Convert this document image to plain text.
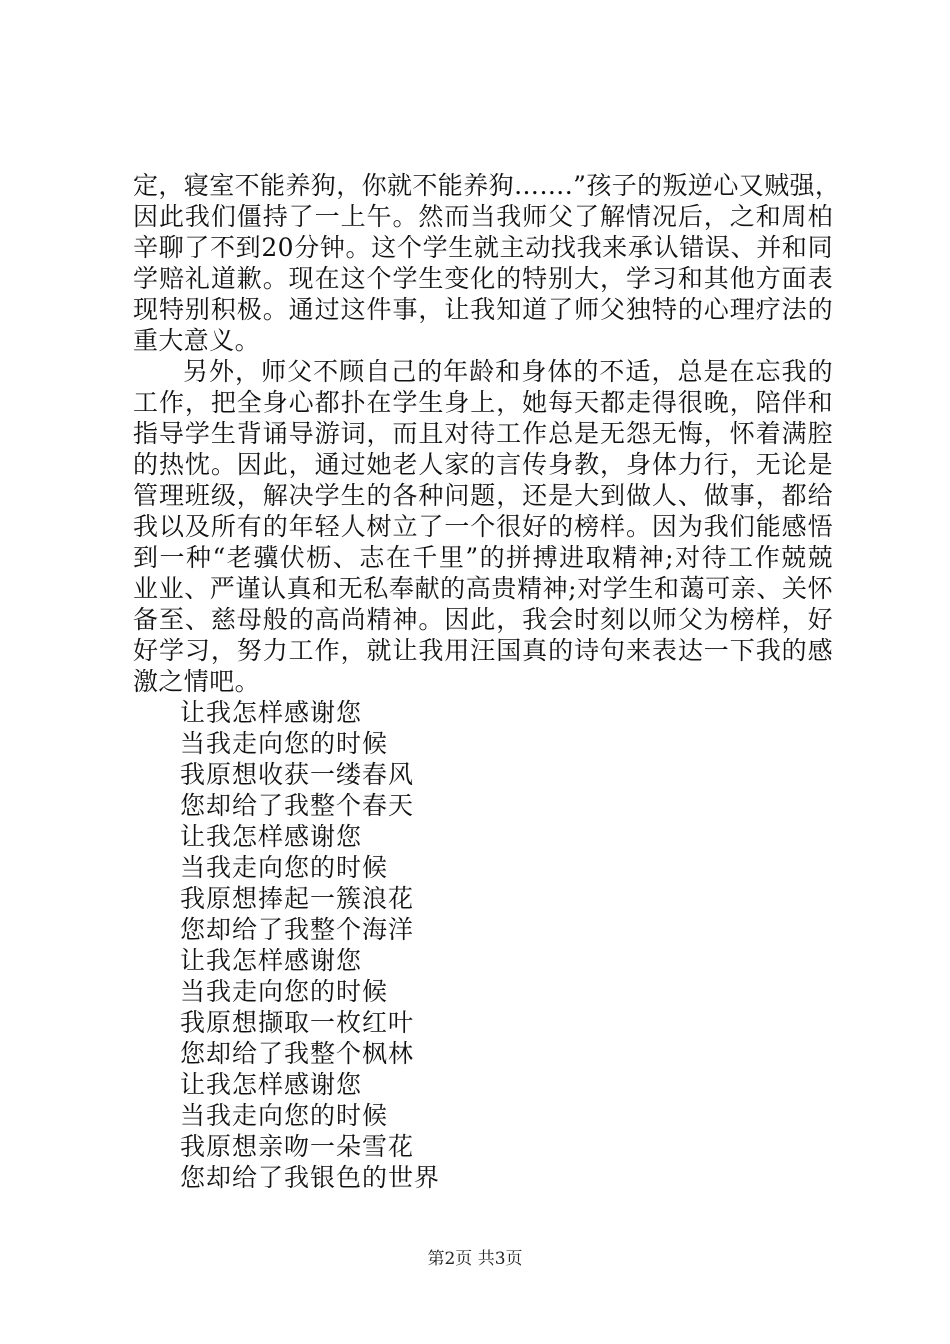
定，寝室不能养狗，你就不能养狗…….”孩子的叛逆心又贼强，
因此我们僵持了一上午。然而当我师父了解情况后，之和周柏
辛聊了不到20分钟。这个学生就主动找我来承认错误、并和同
学赔礼道歉。现在这个学生变化的特别大，学习和其他方面表
现特别积极。通过这件事，让我知道了师父独特的心理疗法的
重大意义。
另外，师父不顾自己的年龄和身体的不适，总是在忘我的
工作，把全身心都扑在学生身上，她每天都走得很晚，陪伴和
指导学生背诵导游词，而且对待工作总是无怨无悔，怀着满腔
的热忱。因此，通过她老人家的言传身教，身体力行，无论是
管理班级，解决学生的各种问题，还是大到做人、做事，都给
我以及所有的年轻人树立了一个很好的榜样。因为我们能感悟
到一种“老骥伏枥、志在千里”的拼搏进取精神;对待工作兢兢
业业、严谨认真和无私奉献的高贵精神;对学生和蔼可亲、关怀
备至、慈母般的高尚精神。因此，我会时刻以师父为榜样，好
好学习，努力工作，就让我用汪国真的诗句来表达一下我的感
激之情吧。
让我怎样感谢您
当我走向您的时候
我原想收获一缕春风
您却给了我整个春天
让我怎样感谢您
当我走向您的时候
我原想捧起一簇浪花
您却给了我整个海洋
让我怎样感谢您
当我走向您的时候
我原想撷取一枚红叶
您却给了我整个枫林
让我怎样感谢您
当我走向您的时候
我原想亲吻一朵雪花
您却给了我银色的世界
第2页 共3页
